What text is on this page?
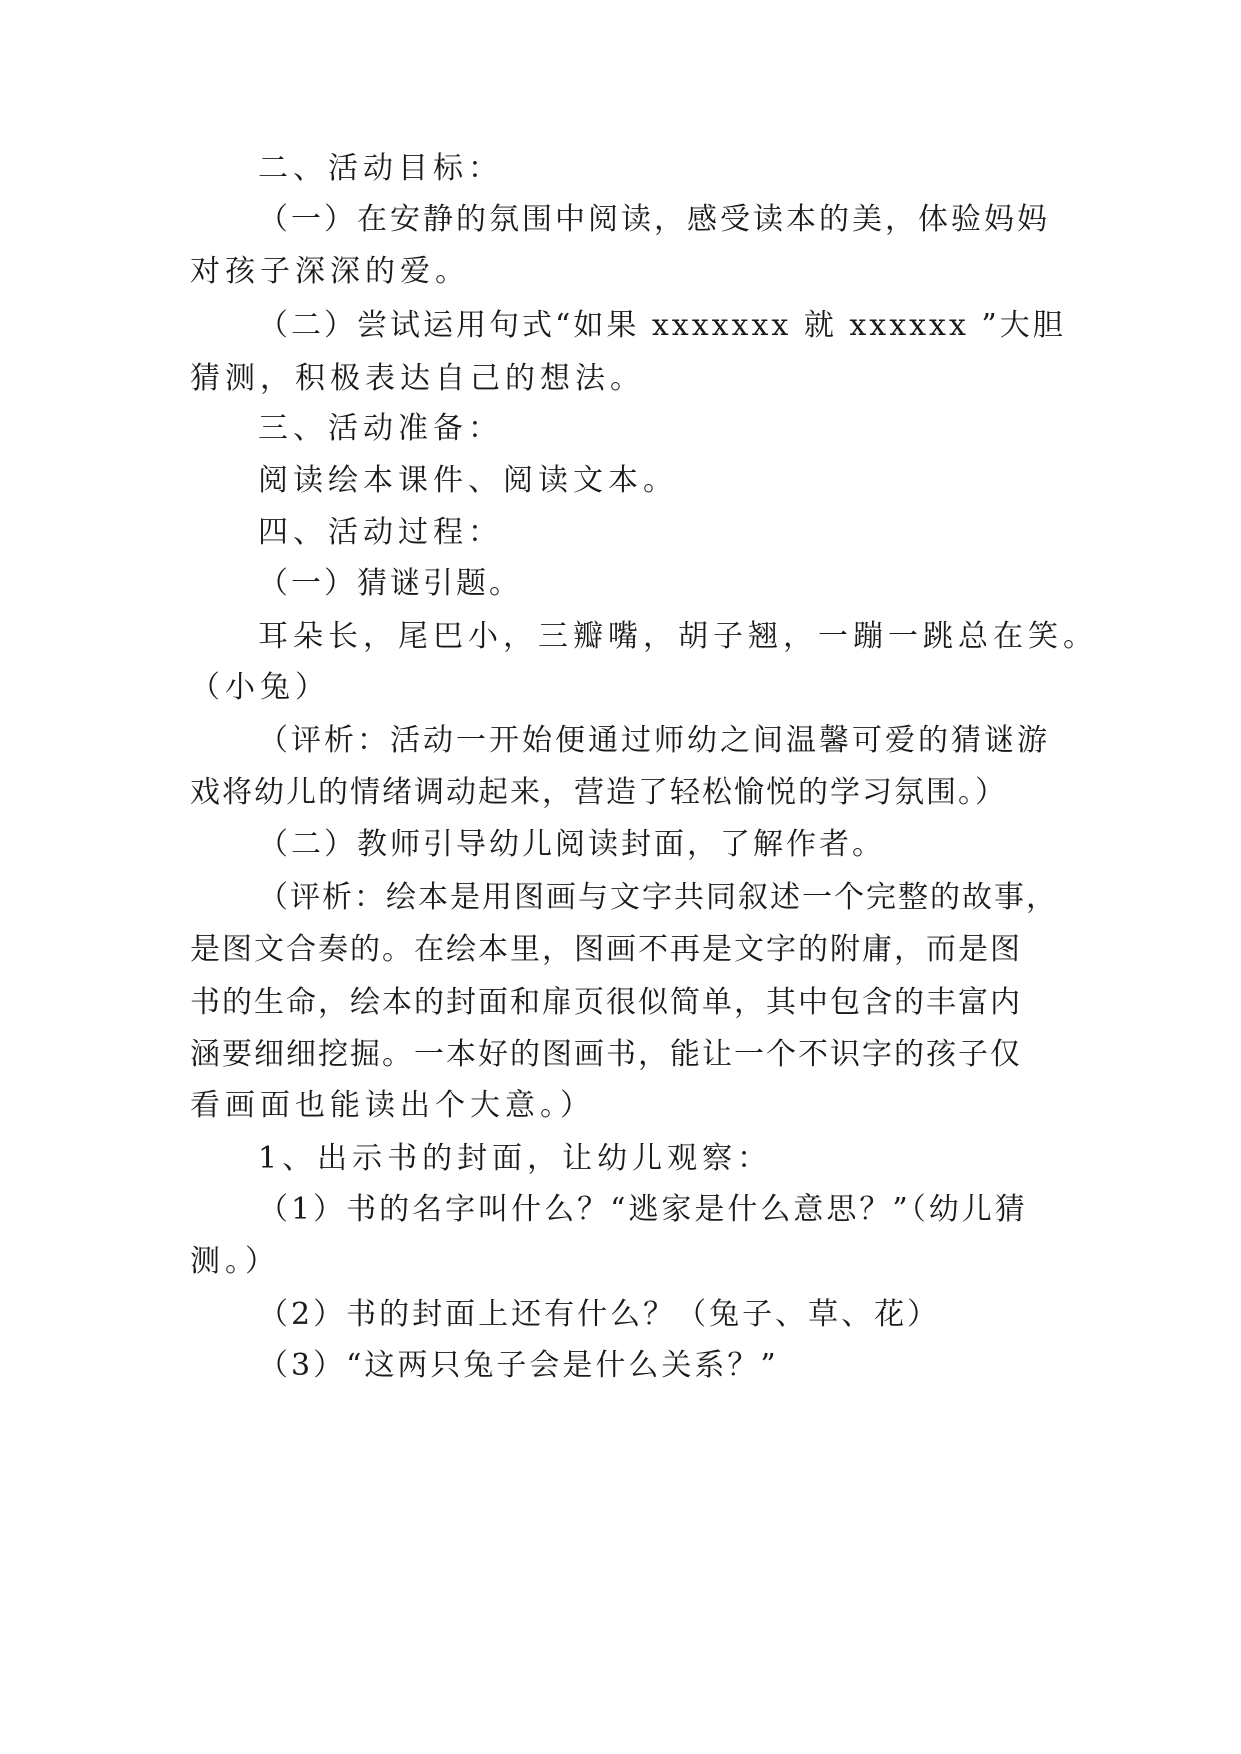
二、活动目标：
（一）在安静的氛围中阅读，感受读本的美，体验妈妈
对孩子深深的爱。
（二）尝试运用句式“如果 xxxxxxx 就 xxxxxx ”大胆
猜测，积极表达自己的想法。
三、活动准备：
阅读绘本课件、阅读文本。
四、活动过程：
（一）猜谜引题。
耳朵长，尾巴小，三瓣嘴，胡子翘，一蹦一跳总在笑。
（小兔）
（评析：活动一开始便通过师幼之间温馨可爱的猜谜游
戏将幼儿的情绪调动起来，营造了轻松愉悦的学习氛围。）
（二）教师引导幼儿阅读封面，了解作者。
（评析：绘本是用图画与文字共同叙述一个完整的故事，
是图文合奏的。在绘本里，图画不再是文字的附庸，而是图
书的生命，绘本的封面和扉页很似简单，其中包含的丰富内
涵要细细挖掘。一本好的图画书，能让一个不识字的孩子仅
看画面也能读出个大意。）
1、出示书的封面，让幼儿观察：
（1）书的名字叫什么？“逃家是什么意思？”（幼儿猜
测。）
（2）书的封面上还有什么？（兔子、草、花）
（3）“这两只兔子会是什么关系？”
